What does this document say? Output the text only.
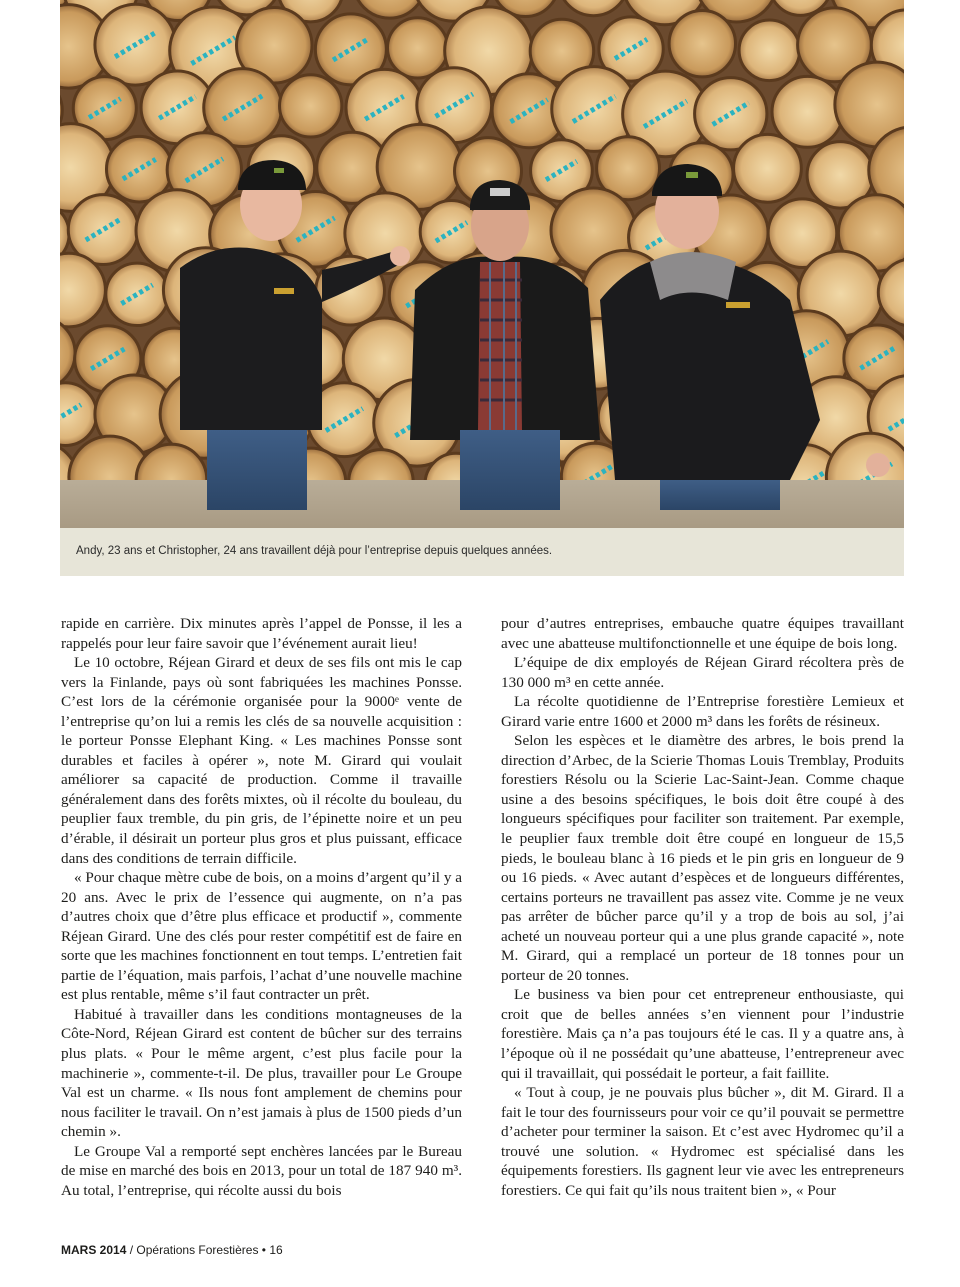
Andy, 23 ans et Christopher, 24 ans travaillent déjà pour l’entreprise depuis quelques années.

rapide en carrière. Dix minutes après l’appel de Ponsse, il les a rappelés pour leur faire savoir que l’événement aurait lieu!

Le 10 octobre, Réjean Girard et deux de ses fils ont mis le cap vers la Finlande, pays où sont fabriquées les machines Ponsse. C’est lors de la cérémonie organisée pour la 9000ᵉ vente de l’entreprise qu’on lui a remis les clés de sa nouvelle acquisition : le porteur Ponsse Elephant King. « Les machines Ponsse sont durables et faciles à opérer », note M. Girard qui voulait améliorer sa capacité de production. Comme il travaille généralement dans des forêts mixtes, où il récolte du bouleau, du peuplier faux tremble, du pin gris, de l’épinette noire et un peu d’érable, il désirait un porteur plus gros et plus puissant, efficace dans des conditions de terrain difficile.

« Pour chaque mètre cube de bois, on a moins d’argent qu’il y a 20 ans. Avec le prix de l’essence qui augmente, on n’a pas d’autres choix que d’être plus efficace et productif », commente Réjean Girard. Une des clés pour rester compétitif est de faire en sorte que les machines fonctionnent en tout temps. L’entretien fait partie de l’équation, mais parfois, l’achat d’une nouvelle machine est plus rentable, même s’il faut contracter un prêt.

Habitué à travailler dans les conditions montagneuses de la Côte-Nord, Réjean Girard est content de bûcher sur des terrains plus plats. « Pour le même argent, c’est plus facile pour la machinerie », commente-t-il. De plus, travailler pour Le Groupe Val est un charme. « Ils nous font amplement de chemins pour nous faciliter le travail. On n’est jamais à plus de 1500 pieds d’un chemin ».

Le Groupe Val a remporté sept enchères lancées par le Bureau de mise en marché des bois en 2013, pour un total de 187 940 m³. Au total, l’entreprise, qui récolte aussi du bois

pour d’autres entreprises, embauche quatre équipes travaillant avec une abatteuse multifonctionnelle et une équipe de bois long.

L’équipe de dix employés de Réjean Girard récoltera près de 130 000 m³ en cette année.

La récolte quotidienne de l’Entreprise forestière Lemieux et Girard varie entre 1600 et 2000 m³ dans les forêts de résineux.

Selon les espèces et le diamètre des arbres, le bois prend la direction d’Arbec, de la Scierie Thomas Louis Tremblay, Produits forestiers Résolu ou la Scierie Lac-Saint-Jean. Comme chaque usine a des besoins spécifiques, le bois doit être coupé à des longueurs spécifiques pour faciliter son traitement. Par exemple, le peuplier faux tremble doit être coupé en longueur de 15,5 pieds, le bouleau blanc à 16 pieds et le pin gris en longueur de 9 ou 16 pieds. « Avec autant d’espèces et de longueurs différentes, certains porteurs ne travaillent pas assez vite. Comme je ne veux pas arrêter de bûcher parce qu’il y a trop de bois au sol, j’ai acheté un nouveau porteur qui a une plus grande capacité », note M. Girard, qui a remplacé un porteur de 18 tonnes pour un porteur de 20 tonnes.

Le business va bien pour cet entrepreneur enthousiaste, qui croit que de belles années s’en viennent pour l’industrie forestière. Mais ça n’a pas toujours été le cas. Il y a quatre ans, à l’époque où il ne possédait qu’une abatteuse, l’entrepreneur avec qui il travaillait, qui possédait le porteur, a fait faillite.

« Tout à coup, je ne pouvais plus bûcher », dit M. Girard. Il a fait le tour des fournisseurs pour voir ce qu’il pouvait se permettre d’acheter pour terminer la saison. Et c’est avec Hydromec qu’il a trouvé une solution. « Hydromec est spécialisé dans les équipements forestiers. Ils gagnent leur vie avec les entrepreneurs forestiers. Ce qui fait qu’ils nous traitent bien », « Pour

MARS 2014 / Opérations Forestières • 16
